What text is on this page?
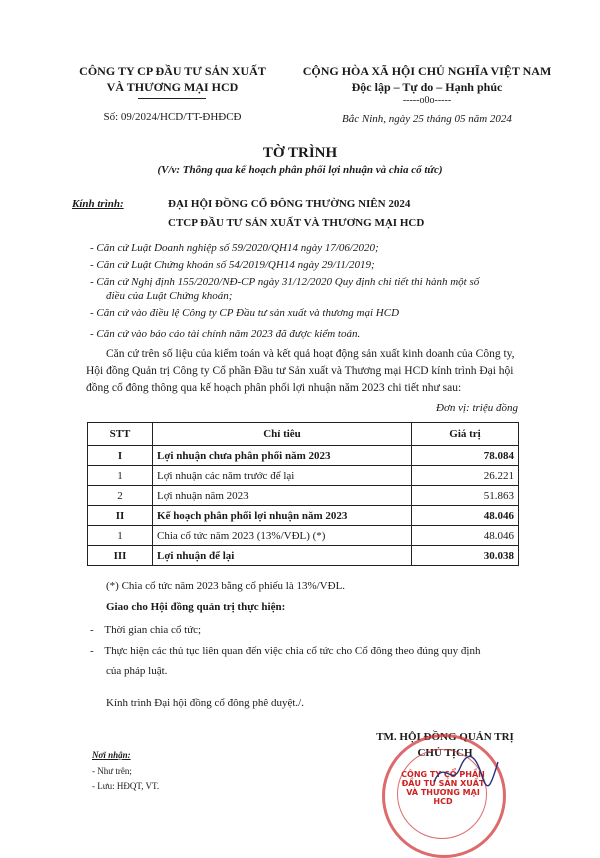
CÔNG TY CP ĐẦU TƯ SẢN XUẤT
VÀ THƯƠNG MẠI HCD
Số: 09/2024/HCD/TT-ĐHĐCĐ
CỘNG HÒA XÃ HỘI CHỦ NGHĨA VIỆT NAM
Độc lập – Tự do – Hạnh phúc
-----o0o-----
Bắc Ninh, ngày 25 tháng 05 năm 2024
TỜ TRÌNH
(V/v: Thông qua kế hoạch phân phối lợi nhuận và chia cổ tức)
Kính trình:	ĐẠI HỘI ĐỒNG CỔ ĐÔNG THƯỜNG NIÊN 2024
CTCP ĐẦU TƯ SẢN XUẤT VÀ THƯƠNG MẠI HCD
- Căn cứ Luật Doanh nghiệp số 59/2020/QH14 ngày 17/06/2020;
- Căn cứ Luật Chứng khoán số 54/2019/QH14 ngày 29/11/2019;
- Căn cứ Nghị định 155/2020/NĐ-CP ngày 31/12/2020 Quy định chi tiết thi hành một số
điều của Luật Chứng khoán;
- Căn cứ vào điều lệ Công ty CP Đầu tư sản xuất và thương mại HCD
- Căn cứ vào báo cáo tài chính năm 2023 đã được kiểm toán.
Căn cứ trên số liệu của kiểm toán và kết quả hoạt động sản xuất kinh doanh của Công ty,
Hội đồng Quản trị Công ty Cổ phần Đầu tư Sản xuất và Thương mại HCD kính trình Đại hội
đồng cổ đông thông qua kế hoạch phân phối lợi nhuận năm 2023 chi tiết như sau:
Đơn vị: triệu đồng
STT	Chỉ tiêu	Giá trị
I	Lợi nhuận chưa phân phối năm 2023	78.084
1	Lợi nhuận các năm trước để lại	26.221
2	Lợi nhuận năm 2023	51.863
II	Kế hoạch phân phối lợi nhuận năm 2023	48.046
1	Chia cổ tức năm 2023 (13%/VĐL) (*)	48.046
III	Lợi nhuận để lại	30.038
(*) Chia cổ tức năm 2023 bằng cổ phiếu là 13%/VĐL.
Giao cho Hội đồng quản trị thực hiện:
- Thời gian chia cổ tức;
- Thực hiện các thủ tục liên quan đến việc chia cổ tức cho Cổ đông theo đúng quy định
của pháp luật.
Kính trình Đại hội đồng cổ đông phê duyệt./.
Nơi nhận:
- Như trên;
- Lưu: HĐQT, VT.
TM. HỘI ĐỒNG QUẢN TRỊ
CHỦ TỊCH
CÔNG TY CỔ PHẦN ĐẦU TƯ SẢN XUẤT VÀ THƯƠNG MẠI HCD
